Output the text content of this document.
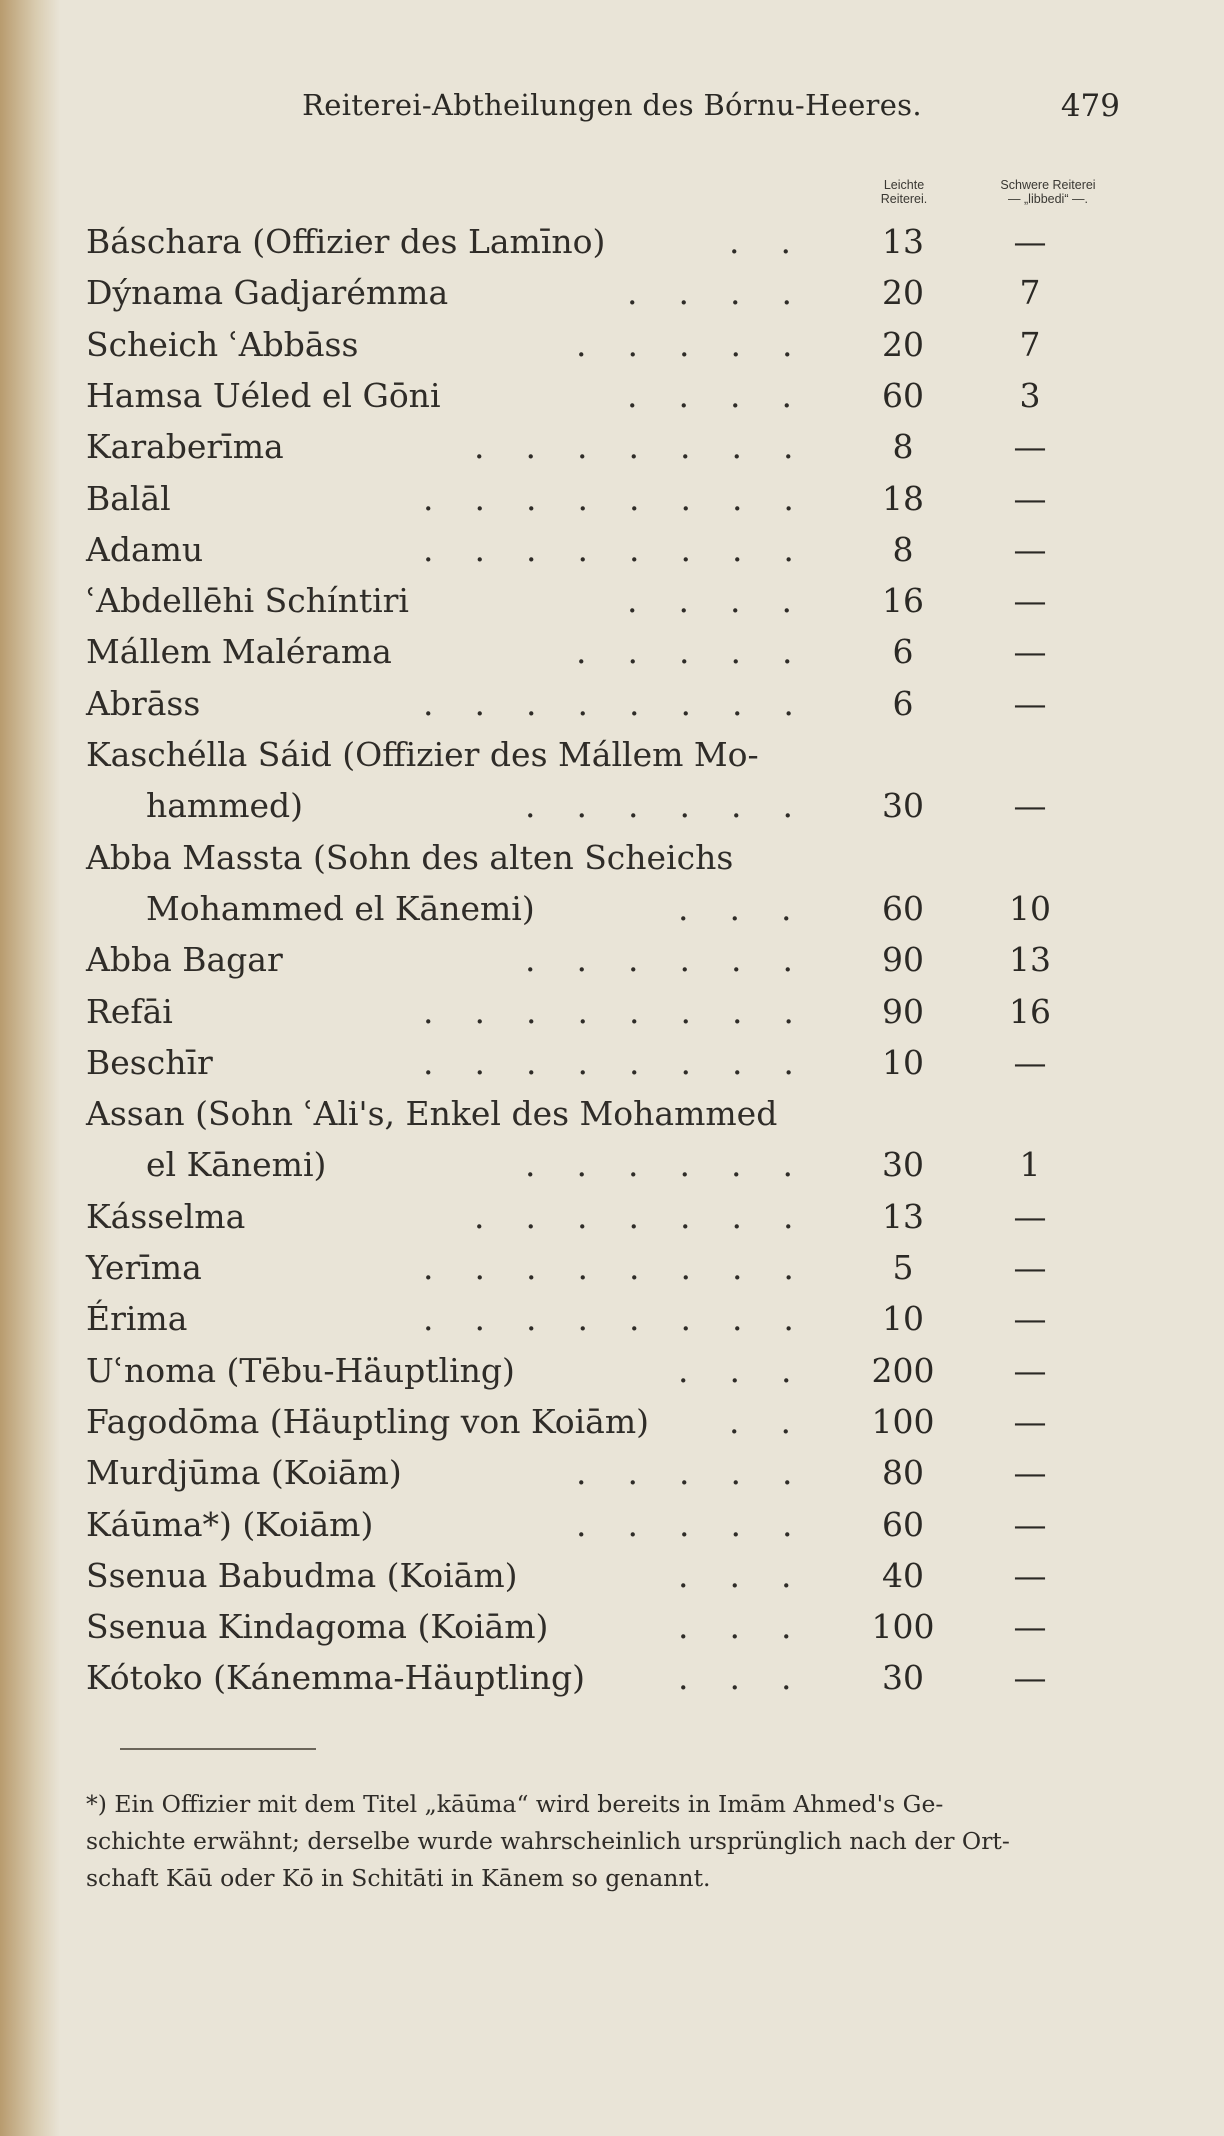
Reiterei-Abtheilungen des Bórnu-Heeres.	479
Leichte
Reiterei.
Schwere Reiterei
— „libbedi“ —.
Báschara (Offizier des Lamīno)	..	13	—
Dýnama Gadjarémma	....	20	7
Scheich ʿAbbāss	.....	20	7
Hamsa Uéled el Gōni	....	60	3
Karaberīma	.......	8	—
Balāl	........	18	—
Adamu	........	8	—
ʿAbdellēhi Schíntiri	....	16	—
Mállem Malérama	.....	6	—
Abrāss	........	6	—
Kaschélla Sáid (Offizier des Mállem Mo-
hammed)	......	30	—
Abba Massta (Sohn des alten Scheichs
Mohammed el Kānemi)	...	60	10
Abba Bagar	......	90	13
Refāi	........	90	16
Beschīr	........	10	—
Assan (Sohn ʿAli's, Enkel des Mohammed
el Kānemi)	......	30	1
Kásselma	.......	13	—
Yerīma	........	5	—
Érima	........	10	—
Uʿnoma (Tēbu-Häuptling)	...	200	—
Fagodōma (Häuptling von Koiām) ..	100	—
Murdjūma (Koiām)	.....	80	—
Káūma*) (Koiām)	.....	60	—
Ssenua Babudma (Koiām)	...	40	—
Ssenua Kindagoma (Koiām)	...	100	—
Kótoko (Kánemma-Häuptling)	...	30	—
*) Ein Offizier mit dem Titel „kāūma“ wird bereits in Imām Ahmed's Ge-
schichte erwähnt; derselbe wurde wahrscheinlich ursprünglich nach der Ort-
schaft Kāū oder Kō in Schitāti in Kānem so genannt.
